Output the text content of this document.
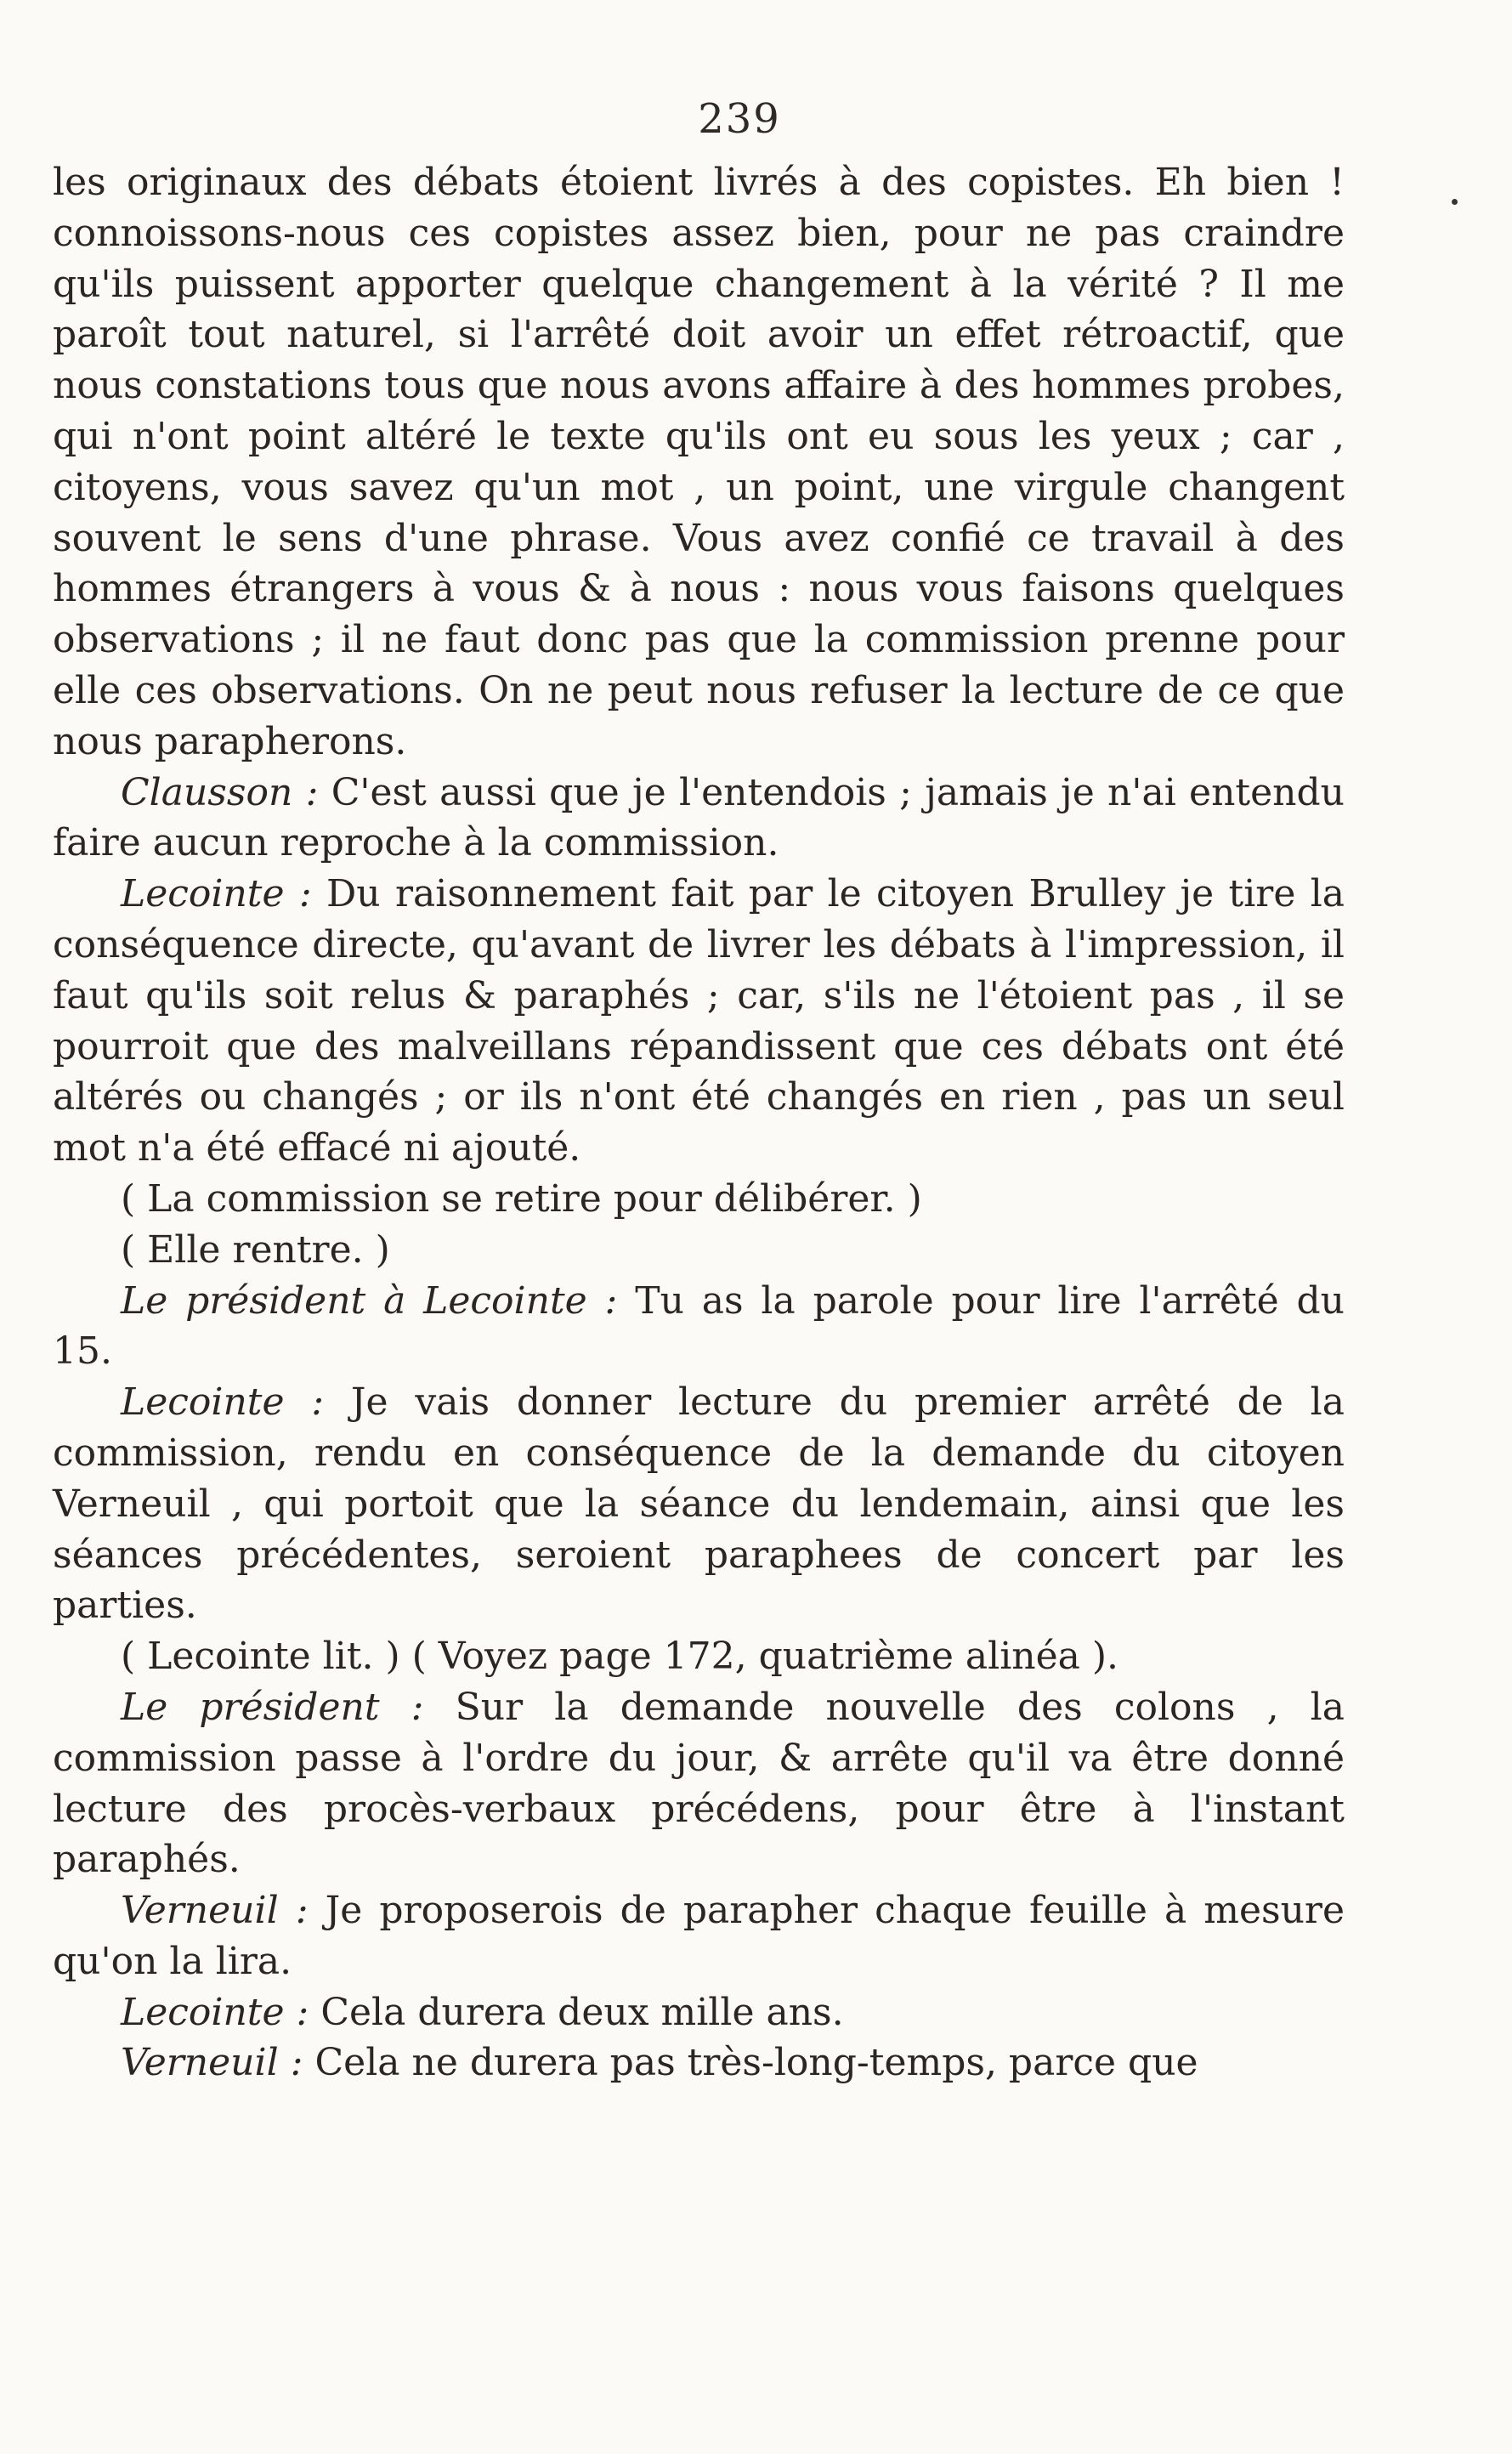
239

les originaux des débats étoient livrés à des copistes. Eh bien ! connoissons-nous ces copistes assez bien, pour ne pas craindre qu'ils puissent apporter quelque changement à la vérité ? Il me paroît tout naturel, si l'arrêté doit avoir un effet rétroactif, que nous constations tous que nous avons affaire à des hommes probes, qui n'ont point altéré le texte qu'ils ont eu sous les yeux ; car , citoyens, vous savez qu'un mot , un point, une virgule changent souvent le sens d'une phrase. Vous avez confié ce travail à des hommes étrangers à vous & à nous : nous vous faisons quelques observations ; il ne faut donc pas que la commission prenne pour elle ces observations. On ne peut nous refuser la lecture de ce que nous parapherons.

Clausson : C'est aussi que je l'entendois ; jamais je n'ai entendu faire aucun reproche à la commission.

Lecointe : Du raisonnement fait par le citoyen Brulley je tire la conséquence directe, qu'avant de livrer les débats à l'impression, il faut qu'ils soit relus & paraphés ; car, s'ils ne l'étoient pas , il se pourroit que des malveillans répandissent que ces débats ont été altérés ou changés ; or ils n'ont été changés en rien , pas un seul mot n'a été effacé ni ajouté.

( La commission se retire pour délibérer. )

( Elle rentre. )

Le président à Lecointe : Tu as la parole pour lire l'arrêté du 15.

Lecointe : Je vais donner lecture du premier arrêté de la commission, rendu en conséquence de la demande du citoyen Verneuil , qui portoit que la séance du lendemain, ainsi que les séances précédentes, seroient paraphees de concert par les parties.

( Lecointe lit. ) ( Voyez page 172, quatrième alinéa ).

Le président : Sur la demande nouvelle des colons , la commission passe à l'ordre du jour, & arrête qu'il va être donné lecture des procès-verbaux précédens, pour être à l'instant paraphés.

Verneuil : Je proposerois de parapher chaque feuille à mesure qu'on la lira.

Lecointe : Cela durera deux mille ans.

Verneuil : Cela ne durera pas très-long-temps, parce que
